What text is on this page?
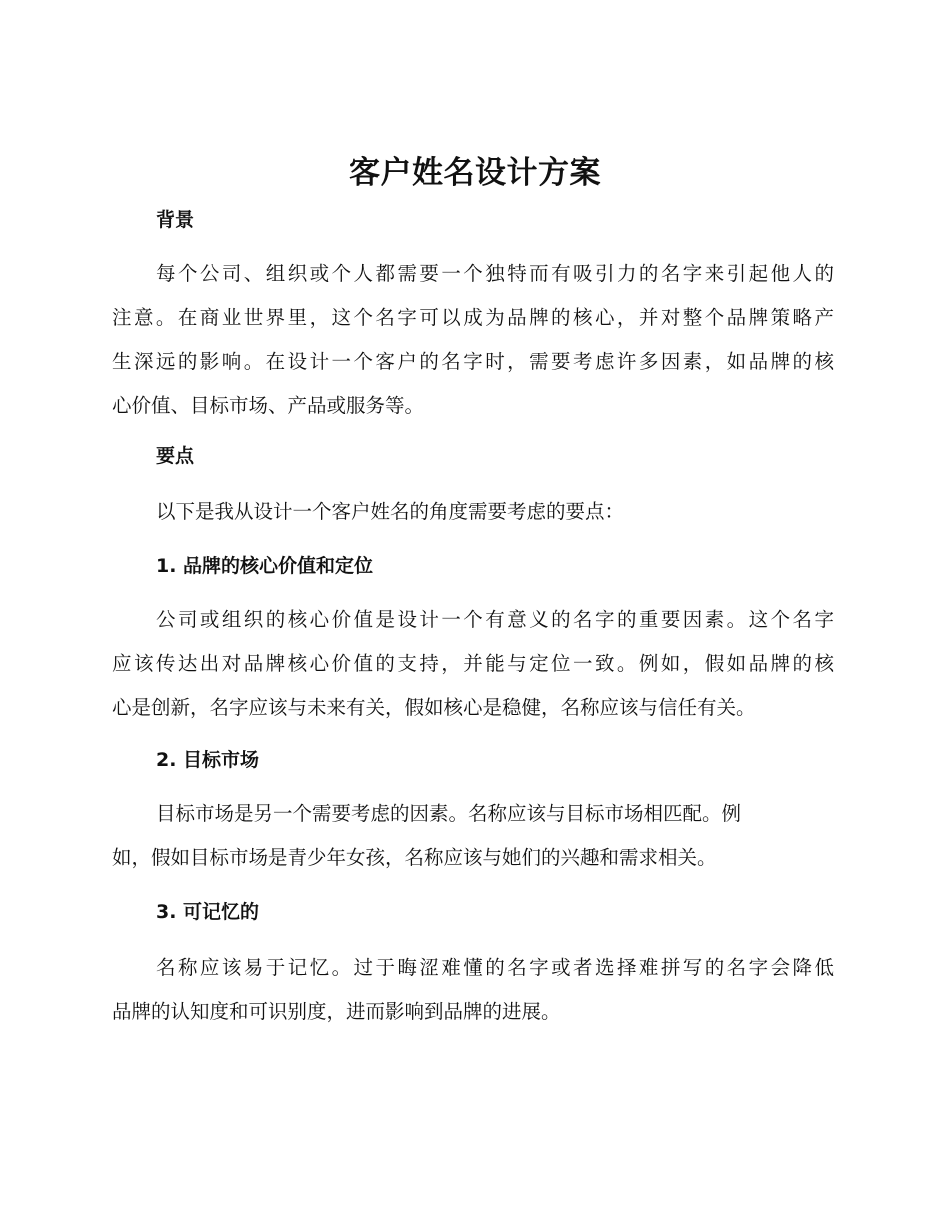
客户姓名设计方案
背景
每个公司、组织或个人都需要一个独特而有吸引力的名字来引起他人的
注意。在商业世界里，这个名字可以成为品牌的核心，并对整个品牌策略产
生深远的影响。在设计一个客户的名字时，需要考虑许多因素，如品牌的核
心价值、目标市场、产品或服务等。
要点
以下是我从设计一个客户姓名的角度需要考虑的要点：
1. 品牌的核心价值和定位
公司或组织的核心价值是设计一个有意义的名字的重要因素。这个名字
应该传达出对品牌核心价值的支持，并能与定位一致。例如，假如品牌的核
心是创新，名字应该与未来有关，假如核心是稳健，名称应该与信任有关。
2. 目标市场
目标市场是另一个需要考虑的因素。名称应该与目标市场相匹配。例
如，假如目标市场是青少年女孩，名称应该与她们的兴趣和需求相关。
3. 可记忆的
名称应该易于记忆。过于晦涩难懂的名字或者选择难拼写的名字会降低
品牌的认知度和可识别度，进而影响到品牌的进展。
